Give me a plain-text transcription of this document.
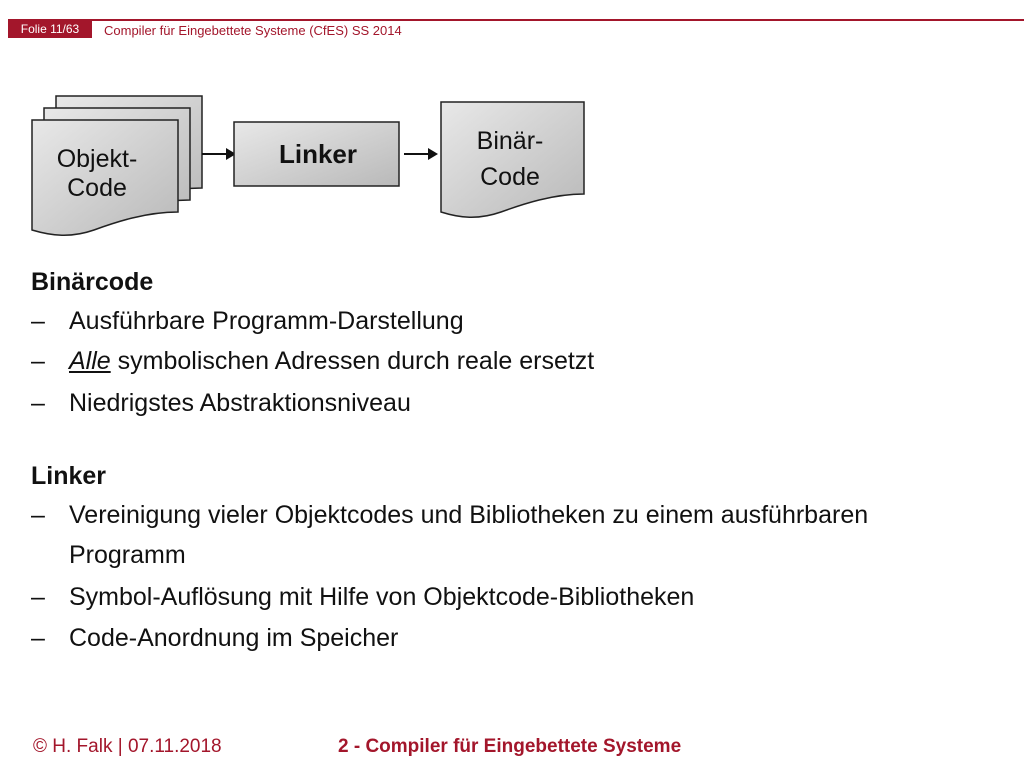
Folie 11/63	Compiler für Eingebettete Systeme (CfES) SS 2014
Objekt-
Code
Linker	Binär-
Code
Binärcode
– Ausführbare Programm-Darstellung
– Alle symbolischen Adressen durch reale ersetzt
– Niedrigstes Abstraktionsniveau
Linker
– Vereinigung vieler Objektcodes und Bibliotheken zu einem ausführbaren
Programm
– Symbol-Auflösung mit Hilfe von Objektcode-Bibliotheken
– Code-Anordnung im Speicher
© H. Falk | 07.11.2018	2 - Compiler für Eingebettete Systeme
